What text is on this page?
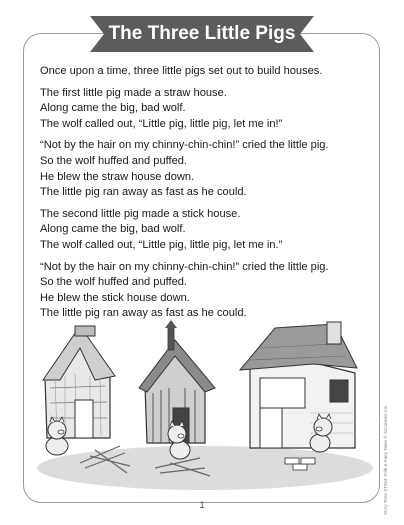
The Three Little Pigs
Once upon a time, three little pigs set out to build houses.
The first little pig made a straw house.
Along came the big, bad wolf.
The wolf called out, “Little pig, little pig, let me in!”
“Not by the hair on my chinny-chin-chin!” cried the little pig.
So the wolf huffed and puffed.
He blew the straw house down.
The little pig ran away as fast as he could.
The second little pig made a stick house.
Along came the big, bad wolf.
The wolf called out, “Little pig, little pig, let me in.”
“Not by the hair on my chinny-chin-chin!” cried the little pig.
So the wolf huffed and puffed.
He blew the stick house down.
The little pig ran away as fast as he could.
1	Story Time STEM: Folk & Fairy Tales © Scholastic Inc.
